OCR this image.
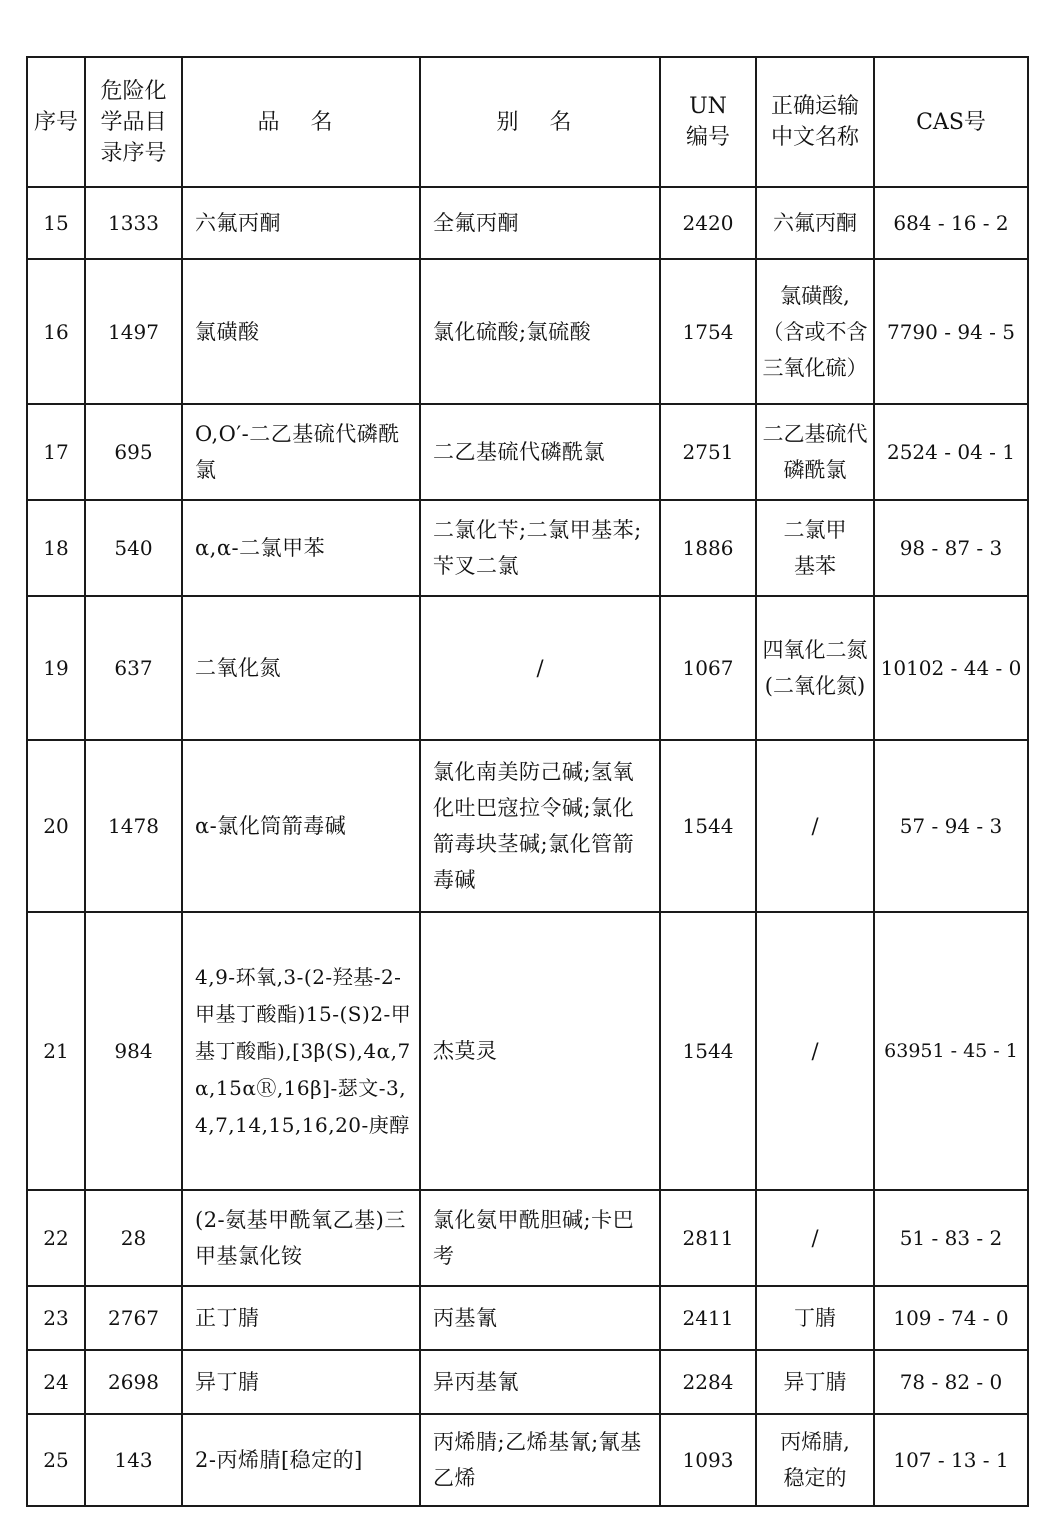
序号	危险化学品目录序号	品 名	别 名	UN编号	正确运输中文名称	CAS号
15	1333	六氟丙酮	全氟丙酮	2420	六氟丙酮	684 - 16 - 2
16	1497	氯磺酸	氯化硫酸;氯硫酸	1754	氯磺酸,（含或不含三氧化硫）	7790 - 94 - 5
17	695	O,O′-二乙基硫代磷酰氯	二乙基硫代磷酰氯	2751	二乙基硫代磷酰氯	2524 - 04 - 1
18	540	α,α-二氯甲苯	二氯化苄;二氯甲基苯;苄叉二氯	1886	二氯甲基苯	98 - 87 - 3
19	637	二氧化氮	/	1067	四氧化二氮(二氧化氮)	10102 - 44 - 0
20	1478	α-氯化筒箭毒碱	氯化南美防己碱;氢氧化吐巴寇拉令碱;氯化箭毒块茎碱;氯化管箭毒碱	1544	/	57 - 94 - 3
21	984	4,9-环氧,3-(2-羟基-2-甲基丁酸酯)15-(S)2-甲基丁酸酯),[3β(S),4α,7α,15αⓇ,16β]-瑟文-3,4,7,14,15,16,20-庚醇	杰莫灵	1544	/	63951 - 45 - 1
22	28	(2-氨基甲酰氧乙基)三甲基氯化铵	氯化氨甲酰胆碱;卡巴考	2811	/	51 - 83 - 2
23	2767	正丁腈	丙基氰	2411	丁腈	109 - 74 - 0
24	2698	异丁腈	异丙基氰	2284	异丁腈	78 - 82 - 0
25	143	2-丙烯腈[稳定的]	丙烯腈;乙烯基氰;氰基乙烯	1093	丙烯腈,稳定的	107 - 13 - 1
